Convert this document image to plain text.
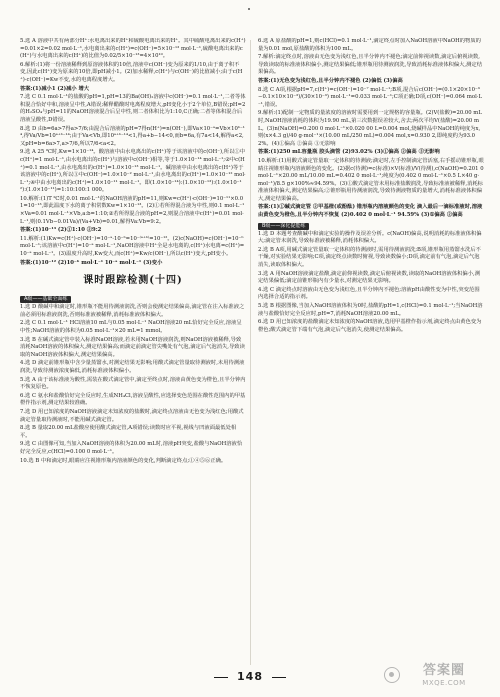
5.选 A 溶液中共有两部分H⁺:水电离出来的H⁺和硫酸电离出来的H⁺。其中硫酸电离出来的c(H⁺)=0.01×2=0.02 mol·L⁻¹,水电离出来的c(H⁺)=c(OH⁻)=5×10⁻¹³ mol·L⁻¹,硫酸电离出来的c(H⁺)与水电离出来的c(H⁺)的比值为0.02/5×10⁻¹³=4×10¹⁰。

6.解析:(1)将一份溶液稀释到原溶液体积的10倍,溶液中c(OH⁻)变为原来的1/10,由于离子积不变,因此c(H⁺)变为原来的10倍,即pH减小1。(2)加水稀释,c(H⁺)与c(OH⁻)的比值减小;由于c(H⁺)·c(OH⁻)=Kw不变,水的电离程度增大。

答案:(1)减小1 (2)减小 增大

7.选 C 0.1 mol·L⁻¹的盐酸的pH=1,pH=13的Ba(OH)₂溶液中c(OH⁻)=0.1 mol·L⁻¹,二者等体积混合恰好中和,溶液呈中性,A错误;稀释醋酸时电离程度增大,pH变化小于2个单位,B错误;pH=2的H₂SO₄与pH=11的NaOH溶液混合后呈中性,则二者体积比为1:10,C正确;二者等体积混合后溶液呈酸性,D错误。

8.选 D 由b=6a>7得a>7/6;由混合后溶液的pH=7得n(H⁺)=n(OH⁻),即Va×10⁻ᵃ=Vb×10ᵇ⁻¹⁴,得Va/Vb=10ᵃ⁺ᵇ⁻¹⁴;由于Va<Vb,即10ᵃ⁺ᵇ⁻¹⁴<1,得a+b−14<0,而b=6a,有7a<14,解得a<2,又pH=b=6a>7,a>7/6,所以7/6<a<2。

9.选 A 25 ℃时,Kw=1×10⁻¹⁴。酸溶液中由水电离出的c(H⁺)等于该溶液中的c(OH⁻),所以①中c(H⁺)=1 mol·L⁻¹,由水电离出的c(H⁺)与溶液中c(OH⁻)相等,等于1.0×10⁻¹⁴ mol·L⁻¹;②中c(H⁺)=0.1 mol·L⁻¹,由水电离出的c(H⁺)=1.0×10⁻¹³ mol·L⁻¹。碱溶液中由水电离出的c(H⁺)等于该溶液中的c(H⁺),所以③中c(OH⁻)=1.0×10⁻² mol·L⁻¹,由水电离出的c(H⁺)=1.0×10⁻¹² mol·L⁻¹;④中由水电离出的c(H⁺)=1.0×10⁻¹¹ mol·L⁻¹。即(1.0×10⁻¹⁴):(1.0×10⁻¹³):(1.0×10⁻¹²):(1.0×10⁻¹¹)=1:10:100:1 000。

10.解析:(1)T ℃时,0.01 mol·L⁻¹的NaOH溶液的pH=11,则Kw=c(H⁺)·c(OH⁻)=10⁻¹¹×0.01=10⁻¹³,即此温度下水的离子积常数Kw=1×10⁻¹³。(2)①若所得混合液为中性,则0.1 mol·L⁻¹×Va=0.01 mol·L⁻¹×Vb,a:b=1:10;②若所得混合液的pH=2,则混合溶液中c(H⁺)=0.01 mol·L⁻¹,则(0.1Vb−0.01Va)/(Va+Vb)=0.01,解得Va:Vb=9:2。

答案:(1)10⁻¹³ (2)①1:10 ②9:2

11.解析:(1)Kw=c(H⁺)·c(OH⁻)=10⁻ᵃ·10⁻ᵇ=10⁻⁽ᵃ⁺ᵇ⁾=10⁻¹²。(2)c(NaOH)=c(OH⁻)=10⁻ᵇ mol·L⁻¹;该溶液中c(H⁺)=10⁻ᵃ mol·L⁻¹,NaOH溶液中H⁺全是水电离的,c(H⁺)水电离=c(H⁺)=10⁻ᵃ mol·L⁻¹。(3)温度升高时,Kw变大,而c(H⁺)=Kw/c(OH⁻),所以c(H⁺)变大,pH变小。

答案:(1)10⁻¹² (2)10⁻ᵇ mol·L⁻¹ 10⁻ᵃ mol·L⁻¹ (3)变小

课时跟踪检测(十四)
A级——基础全面练

1.选 D 酸碱中和滴定时,锥形瓶不能用待测液润洗,否则会使测定结果偏高,滴定管在注入标准液之前必须用标准液润洗,否则标准液被稀释,消耗标准液体积偏大。

2.选 C 0.1 mol·L⁻¹ HCl溶液10 mL与0.05 mol·L⁻¹ NaOH溶液20 mL恰好完全反应,溶液呈中性;NaOH溶液的体积为0.05 mol·L⁻¹×20 mL=1 mmol。

3.选 B 在碱式滴定管中装入标准NaOH溶液,若未用NaOH溶液润洗,则NaOH溶液被稀释,导致消耗NaOH溶液的体积偏大,测定结果偏高;而滴定前滴定管尖嘴处有气泡,滴定后气泡消失,导致读取的NaOH溶液体积偏大,测定结果偏高。

4.选 D 滴定前锥形瓶中含少量蒸馏水,对测定结果无影响;用酸式滴定管量取待测液时,未用待测液润洗,导致待测液浓度偏低,消耗标准液体积偏小。

5.选 A 由于该标准液为酸性,需装在酸式滴定管中,滴定至终点时,溶液由黄色变为橙色,且半分钟内不恢复原色。

6.选 C 氨水和盐酸恰好完全反应时,生成NH₄Cl,溶液呈酸性,应选择变色范围在酸性范围内的甲基橙作指示剂,测定结果较准确。

7.选 D 用已知浓度的NaOH溶液滴定未知浓度的盐酸时,滴定终点溶液由无色变为浅红色;用酸式滴定管量取待测液时,不能用碱式滴定管。

8.选 B 量取20.00 mL盐酸应使用酸式滴定管,A项错误;读数时应平视,视线与凹液面最低处相平。

9.选 C 由图像可知,当加入NaOH溶液的体积为20.00 mL时,溶液pH突变,盐酸与NaOH溶液恰好完全反应,c(HCl)=0.100 0 mol·L⁻¹。

10.选 B 中和滴定时,眼睛应注视锥形瓶内溶液颜色的变化,判断滴定终点;①④⑤⑥正确。

6.选 A 原盐酸的pH=1,则c(HCl)=0.1 mol·L⁻¹,滴定终点时加入NaOH溶液中NaOH的物质的量为0.01 mol,原盐酸的体积为100 mL。

7.解析:滴定终点时,溶液由无色变为浅红色,且半分钟内不褪色;滴定前仰视读数,滴定后俯视读数,导致读取的标准液体积偏小,测定结果偏低;锥形瓶用待测液润洗,导致消耗标准液体积偏大,测定结果偏高。

答案:(1)无色变为浅红色,且半分钟内不褪色 (2)偏低 (3)偏高

8.选 C A项,根据pH=7,c(H⁺)=c(OH⁻)=10⁻⁷ mol·L⁻¹;B项,混合后c(OH⁻)=(0.1×20×10⁻³−0.1×10×10⁻³)/(30×10⁻³) mol·L⁻¹=0.033 mol·L⁻¹;C项正确;D项,c(OH⁻)=0.064 mol·L⁻¹,错误。

9.解析:(1)配制一定物质的量浓度的溶液时需要用到一定规格的容量瓶。(2)V(盐酸)=20.00 mL时,NaOH溶液消耗的体积为19.90 mL,第三次数据误差较大,舍去;两次平均V(盐酸)=20.00 mL。(3)n(NaOH)=0.200 0 mol·L⁻¹×0.020 00 L=0.004 mol,烧碱样品中NaOH的纯度为x,则(x×4.3 g)/40 g·mol⁻¹×(10.00 mL/250 mL)=0.004 mol,x=0.930 2,即纯度约为93.02%。(4)①偏高 ②偏高 ③无影响

答案:(1)250 mL容量瓶 胶头滴管 (2)93.02% (3)①偏高 ②偏高 ③无影响

10.解析:(1)用酸式滴定管量取一定体积的待测液;滴定时,左手控制滴定管活塞,右手摇动锥形瓶,眼睛注视锥形瓶内溶液颜色的变化。(2)据c(待测)=c(标准)×V(标准)/V(待测),c(NaOH)=0.201 0 mol·L⁻¹×20.00 mL/10.00 mL=0.402 0 mol·L⁻¹;纯度为(0.402 0 mol·L⁻¹×0.5 L×40 g·mol⁻¹)/8.5 g×100%≈94.59%。(3)①酸式滴定管未用标准盐酸润洗,导致标准液被稀释,消耗标准液体积偏大,测定结果偏高;②锥形瓶用待测液润洗,导致待测液物质的量增大,消耗标准液体积偏大,测定结果偏高。

答案:(1)①碱式滴定管 ②甲基橙(或酚酞) 锥形瓶内溶液颜色的变化 滴入最后一滴标准液时,溶液由黄色变为橙色,且半分钟内不恢复 (2)0.402 0 mol·L⁻¹ 94.59% (3)①偏高 ②偏高

B级——深化提能练

1.选 D 本题考查酸碱中和滴定实验的操作及误差分析。c(NaOH)偏高,说明消耗的标准液体积偏大;滴定管未润洗,导致标准液被稀释,消耗体积偏大。

2.选 B A项,用碱式滴定管量取一定体积的待测液时,需用待测液润洗;B项,锥形瓶用蒸馏水洗后不干燥,对实验结果无影响;C项,滴定终点读数时俯视,导致读数偏小;D项,滴定前有气泡,滴定后气泡消失,读取体积偏大。

3.选 A 用NaOH溶液滴定盐酸,滴定前仰视读数,滴定后俯视读数,读取的NaOH溶液体积偏小,测定结果偏低;滴定前锥形瓶内有少量水,对测定结果无影响。

4.选 C 滴定终点时溶液由无色变为浅红色,且半分钟内不褪色;溶液pH由酸性变为中性,突变范围内选择合适的指示剂。

5.选 B 根据图像,当加入NaOH溶液体积为0时,盐酸的pH=1,c(HCl)=0.1 mol·L⁻¹;当NaOH溶液与盐酸恰好完全反应时,pH=7,消耗NaOH溶液20.00 mL。

6.选 D 用已知浓度的盐酸滴定未知浓度的NaOH溶液,选用甲基橙作指示剂,滴定终点由黄色变为橙色;酸式滴定管下端有气泡,滴定后气泡消失,使测定结果偏高。

148	答案圈
MXQE.COM
